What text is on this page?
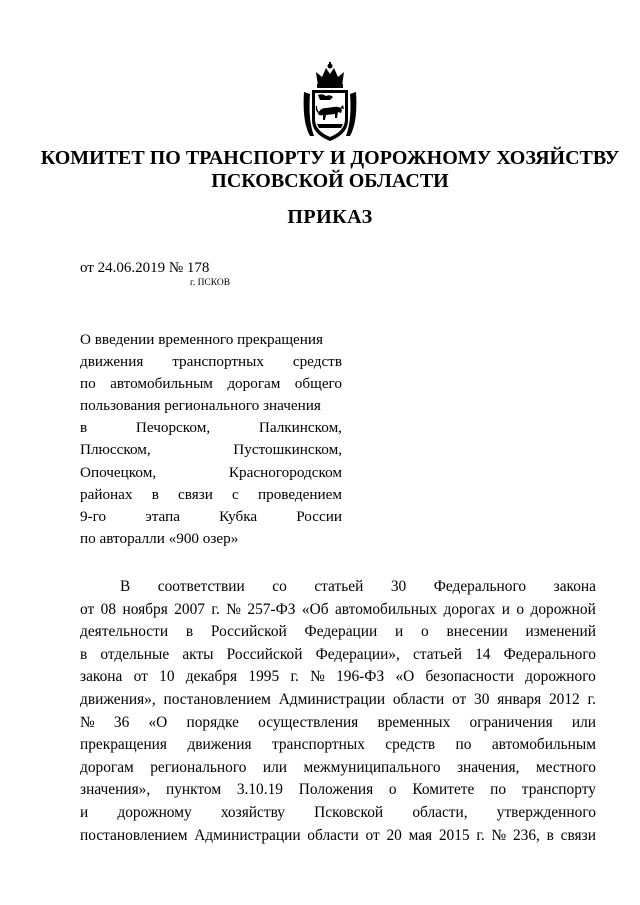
КОМИТЕТ ПО ТРАНСПОРТУ И ДОРОЖНОМУ ХОЗЯЙСТВУ

ПСКОВСКОЙ ОБЛАСТИ

ПРИКАЗ

от 24.06.2019 № 178
г. ПСКОВ
О введении временного прекращения
движения транспортных средств
по автомобильным дорогам общего
пользования регионального значения
в	Печорском,	Палкинском,
Плюсском,	Пустошкинском,
Опочецком,	Красногородском
районах в связи с проведением
9-го	этапа	Кубка	России
по авторалли «900 озер»
В соответствии со статьей 30 Федерального закона
от 08 ноября 2007 г. № 257-ФЗ «Об автомобильных дорогах и о дорожной
деятельности в Российской Федерации и о внесении изменений
в отдельные акты Российской Федерации», статьей 14 Федерального
закона от 10 декабря 1995 г. № 196-ФЗ «О безопасности дорожного
движения», постановлением Администрации области от 30 января 2012 г.
№ 36 «О порядке осуществления временных ограничения или
прекращения движения транспортных средств по автомобильным
дорогам регионального или межмуниципального значения, местного
значения», пунктом 3.10.19 Положения о Комитете по транспорту
и дорожному хозяйству Псковской области, утвержденного
постановлением Администрации области от 20 мая 2015 г. № 236, в связи
